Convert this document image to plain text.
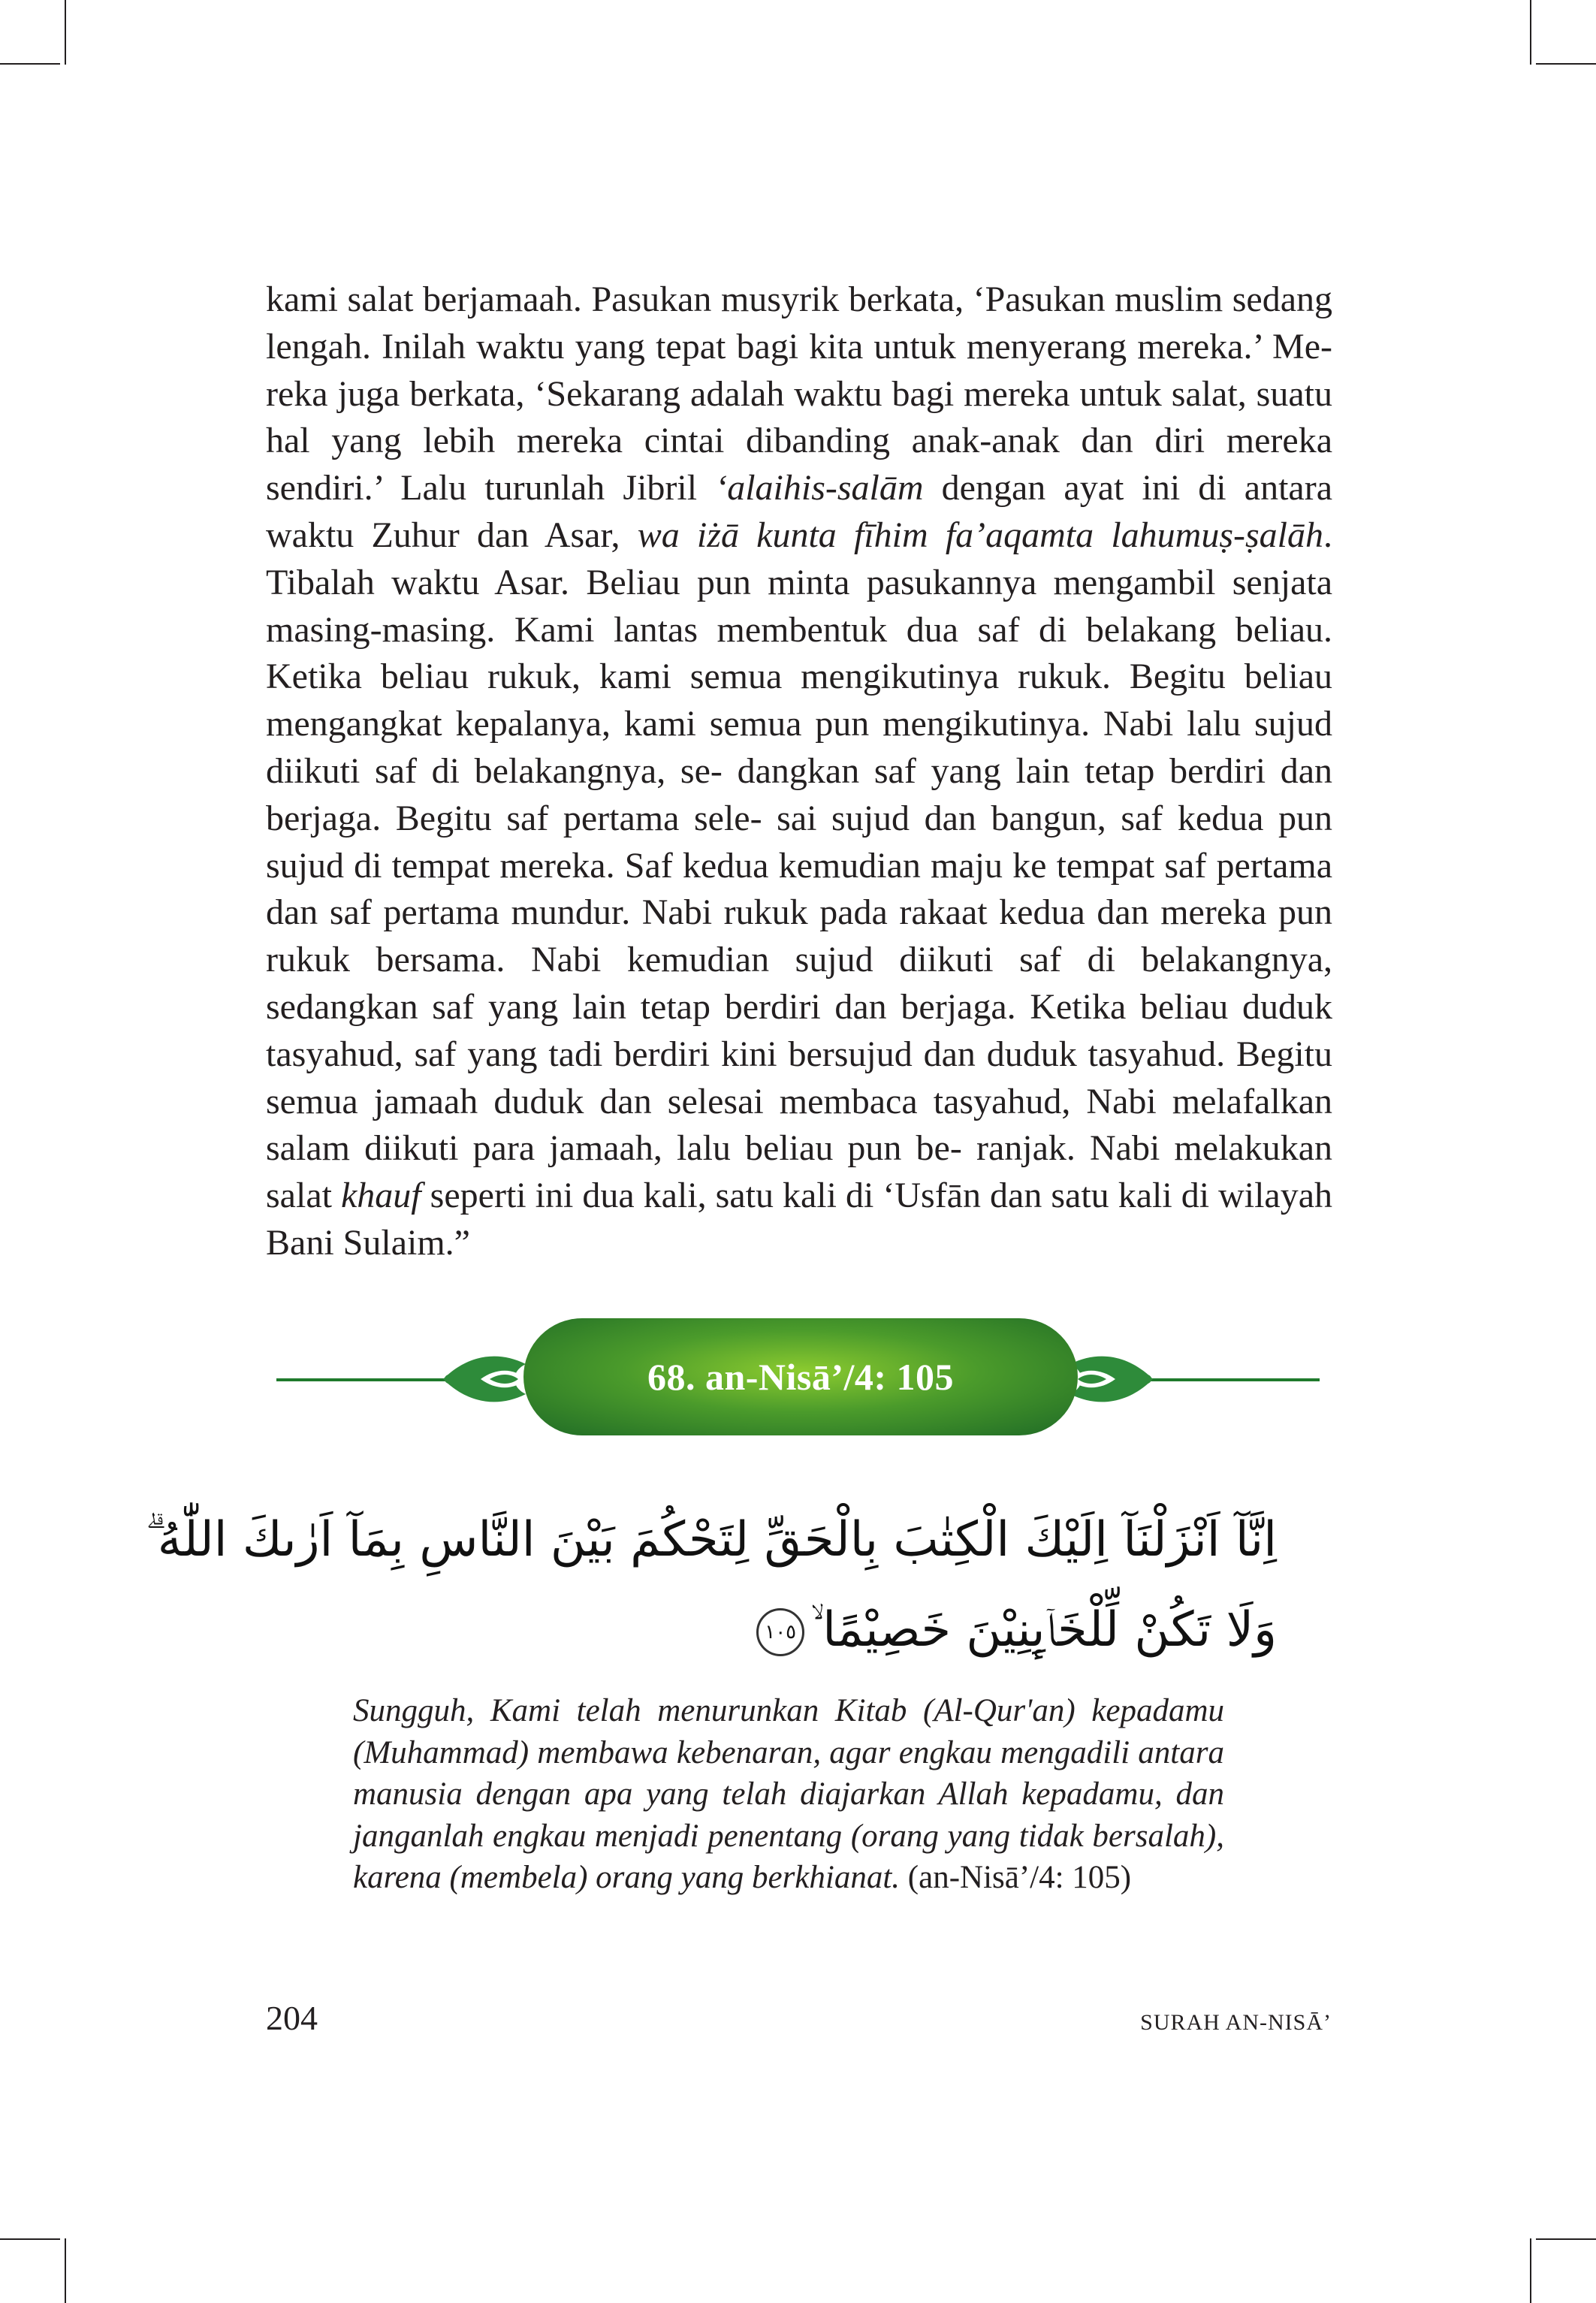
kami salat berjamaah. Pasukan musyrik berkata, ‘Pasukan muslim sedang lengah. Inilah waktu yang tepat bagi kita untuk menyerang mereka.’ Me- reka juga berkata, ‘Sekarang adalah waktu bagi mereka untuk salat, suatu hal yang lebih mereka cintai dibanding anak-anak dan diri mereka sendiri.’ Lalu turunlah Jibril ‘alaihis-salām dengan ayat ini di antara waktu Zuhur dan Asar, wa iżā kunta fīhim fa’aqamta lahumuṣ-ṣalāh. Tibalah waktu Asar. Beliau pun minta pasukannya mengambil senjata masing-masing. Kami lantas membentuk dua saf di belakang beliau. Ketika beliau rukuk, kami semua mengikutinya rukuk. Begitu beliau mengangkat kepalanya, kami semua pun mengikutinya. Nabi lalu sujud diikuti saf di belakangnya, se- dangkan saf yang lain tetap berdiri dan berjaga. Begitu saf pertama sele- sai sujud dan bangun, saf kedua pun sujud di tempat mereka. Saf kedua kemudian maju ke tempat saf pertama dan saf pertama mundur. Nabi rukuk pada rakaat kedua dan mereka pun rukuk bersama. Nabi kemudian sujud diikuti saf di belakangnya, sedangkan saf yang lain tetap berdiri dan berjaga. Ketika beliau duduk tasyahud, saf yang tadi berdiri kini bersujud dan duduk tasyahud. Begitu semua jamaah duduk dan selesai membaca tasyahud, Nabi melafalkan salam diikuti para jamaah, lalu beliau pun be- ranjak. Nabi melakukan salat khauf seperti ini dua kali, satu kali di ‘Usfān dan satu kali di wilayah Bani Sulaim.”

68. an-Nisā’/4: 105
اِنَّآ اَنْزَلْنَآ اِلَيْكَ الْكِتٰبَ بِالْحَقِّ لِتَحْكُمَ بَيْنَ النَّاسِ بِمَآ اَرٰىكَ اللّٰهُ ۗ
وَلَا تَكُنْ لِّلْخَاۤىِٕنِيْنَ خَصِيْمًا ۙ١٠٥

Sungguh, Kami telah menurunkan Kitab (Al-Qur'an) kepadamu (Muhammad) membawa kebenaran, agar engkau mengadili antara manusia dengan apa yang telah diajarkan Allah kepadamu, dan janganlah engkau menjadi penentang (orang yang tidak bersalah), karena (membela) orang yang berkhianat. (an-Nisā’/4: 105)

204	SURAH AN-NISĀ’
